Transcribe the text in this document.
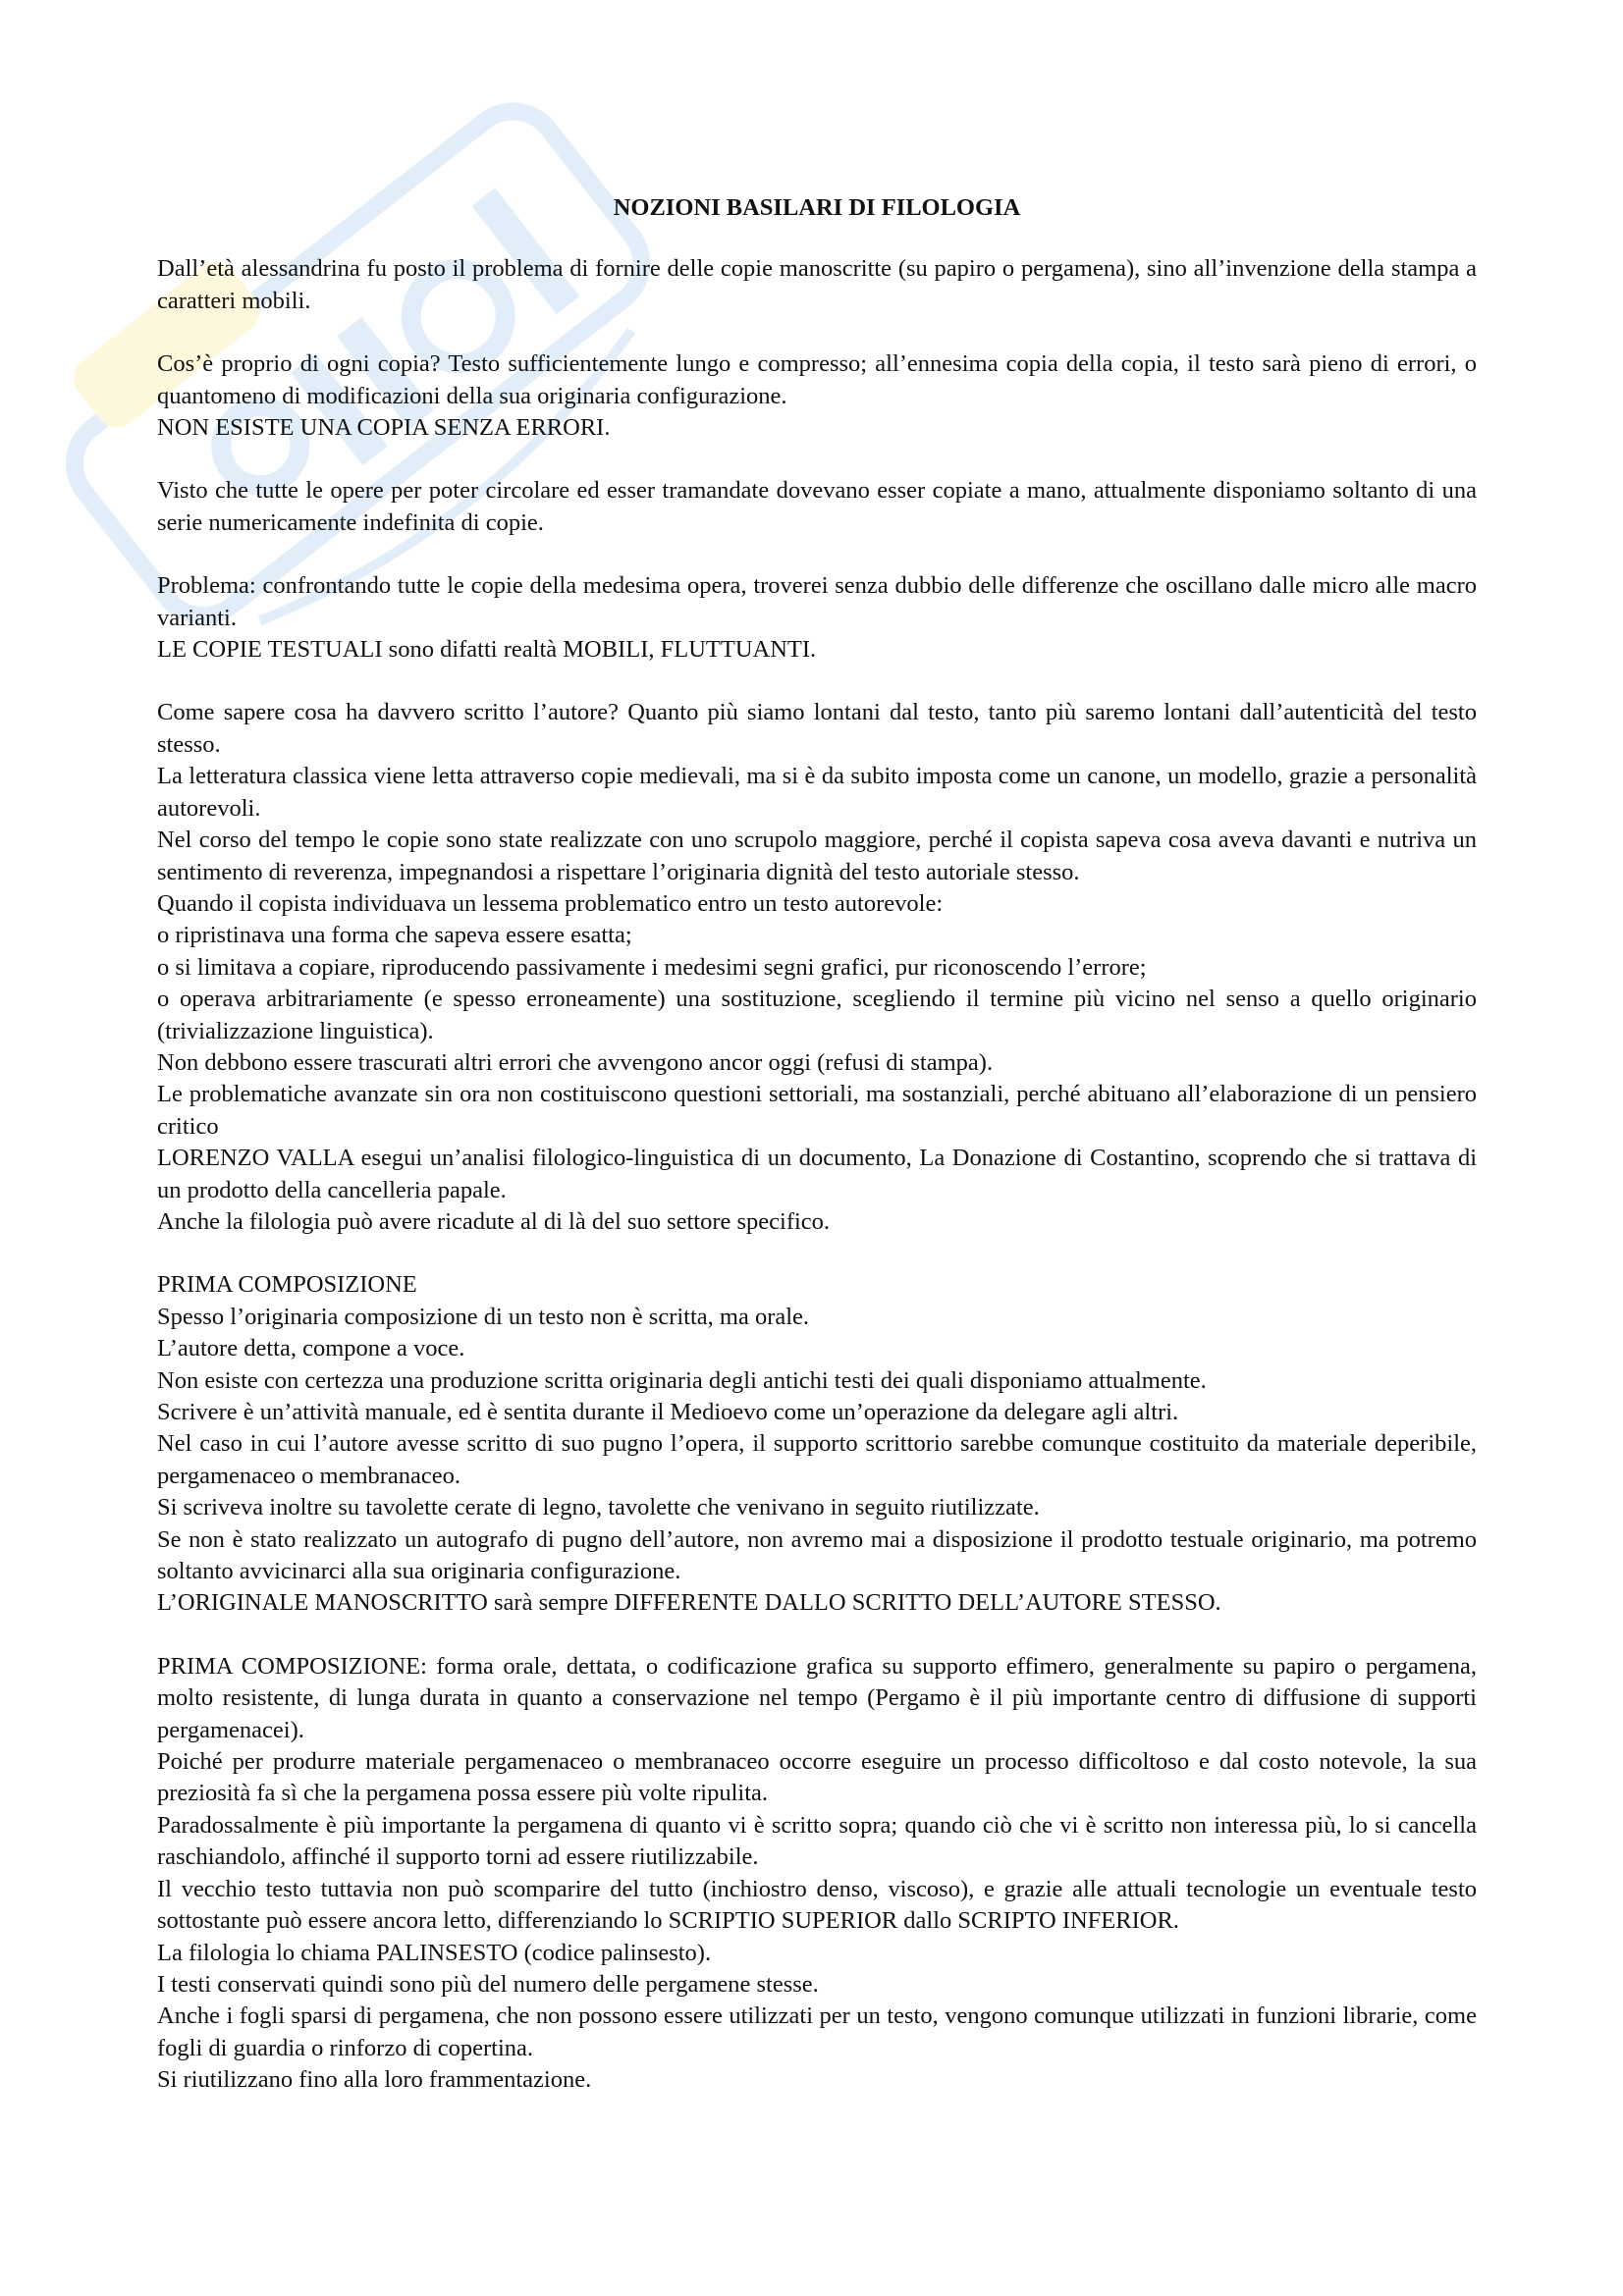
NOZIONI BASILARI DI FILOLOGIA

Dall’età alessandrina fu posto il problema di fornire delle copie manoscritte (su papiro o pergamena), sino all’invenzione della stampa a caratteri mobili.

Cos’è proprio di ogni copia? Testo sufficientemente lungo e compresso; all’ennesima copia della copia, il testo sarà pieno di errori, o quantomeno di modificazioni della sua originaria configurazione.

NON ESISTE UNA COPIA SENZA ERRORI.

Visto che tutte le opere per poter circolare ed esser tramandate dovevano esser copiate a mano, attualmente disponiamo soltanto di una serie numericamente indefinita di copie.

Problema: confrontando tutte le copie della medesima opera, troverei senza dubbio delle differenze che oscillano dalle micro alle macro varianti.

LE COPIE TESTUALI sono difatti realtà MOBILI, FLUTTUANTI.

Come sapere cosa ha davvero scritto l’autore? Quanto più siamo lontani dal testo, tanto più saremo lontani dall’autenticità del testo stesso.

La letteratura classica viene letta attraverso copie medievali, ma si è da subito imposta come un canone, un modello, grazie a personalità autorevoli.

Nel corso del tempo le copie sono state realizzate con uno scrupolo maggiore, perché il copista sapeva cosa aveva davanti e nutriva un sentimento di reverenza, impegnandosi a rispettare l’originaria dignità del testo autoriale stesso.

Quando il copista individuava un lessema problematico entro un testo autorevole:

o ripristinava una forma che sapeva essere esatta;

o si limitava a copiare, riproducendo passivamente i medesimi segni grafici, pur riconoscendo l’errore;

o operava arbitrariamente (e spesso erroneamente) una sostituzione, scegliendo il termine più vicino nel senso a quello originario (trivializzazione linguistica).

Non debbono essere trascurati altri errori che avvengono ancor oggi (refusi di stampa).

Le problematiche avanzate sin ora non costituiscono questioni settoriali, ma sostanziali, perché abituano all’elaborazione di un pensiero critico

LORENZO VALLA esegui un’analisi filologico-linguistica di un documento, La Donazione di Costantino, scoprendo che si trattava di un prodotto della cancelleria papale.

Anche la filologia può avere ricadute al di là del suo settore specifico.

PRIMA COMPOSIZIONE

Spesso l’originaria composizione di un testo non è scritta, ma orale.

L’autore detta, compone a voce.

Non esiste con certezza una produzione scritta originaria degli antichi testi dei quali disponiamo attualmente.

Scrivere è un’attività manuale, ed è sentita durante il Medioevo come un’operazione da delegare agli altri.

Nel caso in cui l’autore avesse scritto di suo pugno l’opera, il supporto scrittorio sarebbe comunque costituito da materiale deperibile, pergamenaceo o membranaceo.

Si scriveva inoltre su tavolette cerate di legno, tavolette che venivano in seguito riutilizzate.

Se non è stato realizzato un autografo di pugno dell’autore, non avremo mai a disposizione il prodotto testuale originario, ma potremo soltanto avvicinarci alla sua originaria configurazione.

L’ORIGINALE MANOSCRITTO sarà sempre DIFFERENTE DALLO SCRITTO DELL’AUTORE STESSO.

PRIMA COMPOSIZIONE: forma orale, dettata, o codificazione grafica su supporto effimero, generalmente su papiro o pergamena, molto resistente, di lunga durata in quanto a conservazione nel tempo (Pergamo è il più importante centro di diffusione di supporti pergamenacei).

Poiché per produrre materiale pergamenaceo o membranaceo occorre eseguire un processo difficoltoso e dal costo notevole, la sua preziosità fa sì che la pergamena possa essere più volte ripulita.

Paradossalmente è più importante la pergamena di quanto vi è scritto sopra; quando ciò che vi è scritto non interessa più, lo si cancella raschiandolo, affinché il supporto torni ad essere riutilizzabile.

Il vecchio testo tuttavia non può scomparire del tutto (inchiostro denso, viscoso), e grazie alle attuali tecnologie un eventuale testo sottostante può essere ancora letto, differenziando lo SCRIPTIO SUPERIOR dallo SCRIPTO INFERIOR.

La filologia lo chiama PALINSESTO (codice palinsesto).

I testi conservati quindi sono più del numero delle pergamene stesse.

Anche i fogli sparsi di pergamena, che non possono essere utilizzati per un testo, vengono comunque utilizzati in funzioni librarie, come fogli di guardia o rinforzo di copertina.

Si riutilizzano fino alla loro frammentazione.
